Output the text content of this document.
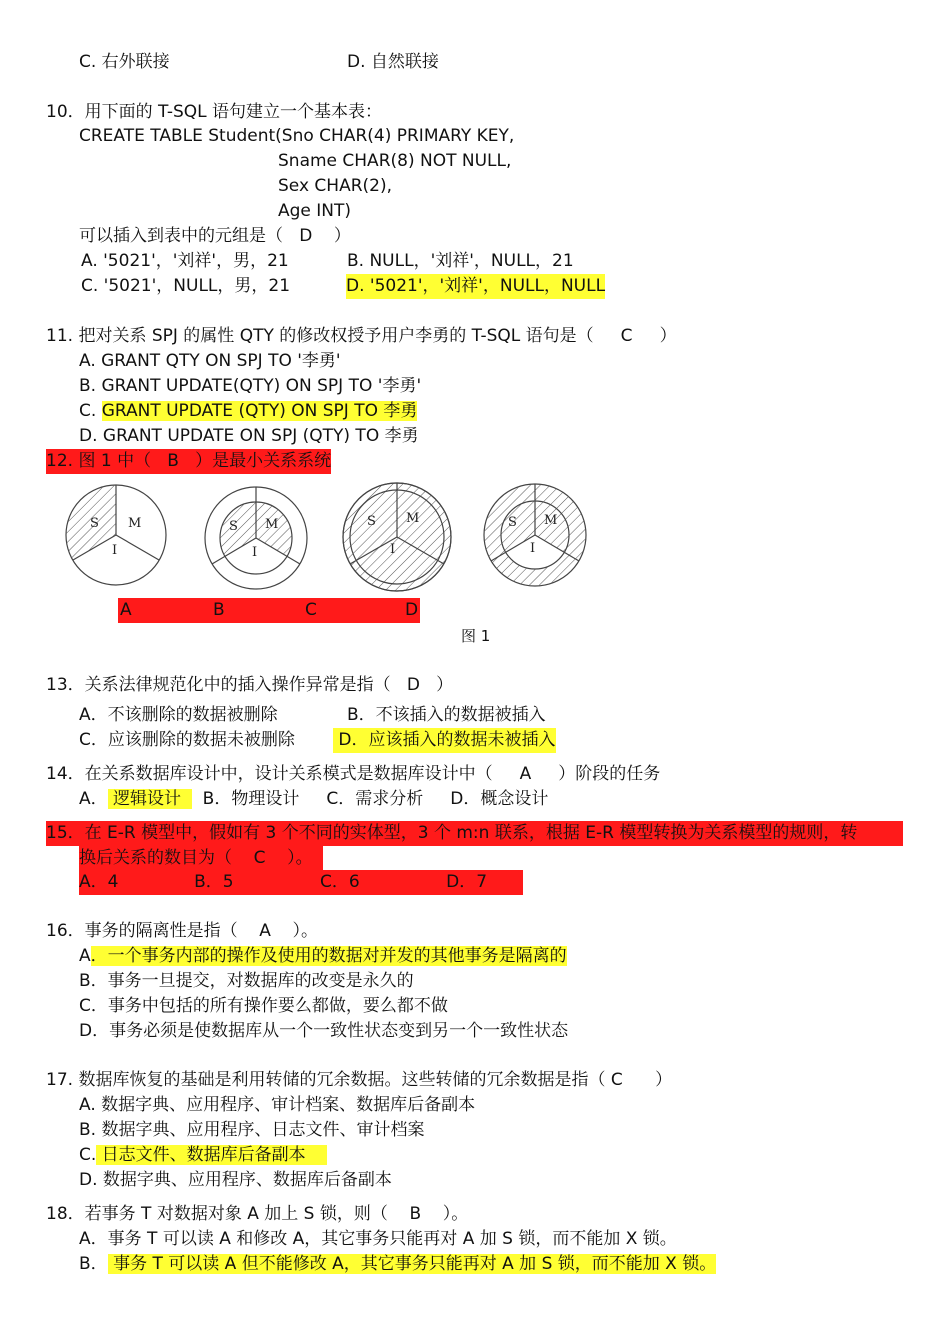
C. 右外联接	D. 自然联接
10．用下面的 T-SQL 语句建立一个基本表：
CREATE TABLE Student(Sno CHAR(4) PRIMARY KEY,
Sname CHAR(8) NOT NULL,
Sex CHAR(2),
Age INT)
可以插入到表中的元组是（   D    ）
A. '5021'，'刘祥'，男，21	B. NULL，'刘祥'，NULL，21
C. '5021'，NULL，男，21	D. '5021'，'刘祥'，NULL，NULL
11. 把对关系 SPJ 的属性 QTY 的修改权授予用户李勇的 T-SQL 语句是（     C     ）
A. GRANT QTY ON SPJ TO '李勇'
B. GRANT UPDATE(QTY) ON SPJ TO '李勇'
C. GRANT UPDATE (QTY) ON SPJ TO 李勇
D. GRANT UPDATE ON SPJ (QTY) TO 李勇
12. 图 1 中（   B   ）是最小关系系统
S M
I
S M
I
S M
I
S M
I
A	B	C	D
图 1
13．关系法律规范化中的插入操作异常是指（   D   ）
A．不该删除的数据被删除	B．不该插入的数据被插入
C．应该删除的数据未被删除 D．应该插入的数据未被插入
14．在关系数据库设计中，设计关系模式是数据库设计中（     A     ）阶段的任务
A． 逻辑设计    B．物理设计     C．需求分析     D．概念设计
15．在 E-R 模型中，假如有 3 个不同的实体型，3 个 m:n 联系，根据 E-R 模型转换为关系模型的规则，转
换后关系的数目为（    C    ）。
A．4              B．5                C．6                D．7
16．事务的隔离性是指（    A    ）。
A．一个事务内部的操作及使用的数据对并发的其他事务是隔离的
B．事务一旦提交，对数据库的改变是永久的
C．事务中包括的所有操作要么都做，要么都不做
D．事务必须是使数据库从一个一致性状态变到另一个一致性状态
17. 数据库恢复的基础是利用转储的冗余数据。这些转储的冗余数据是指（ C      ）
A. 数据字典、应用程序、审计档案、数据库后备副本
B. 数据字典、应用程序、日志文件、审计档案
C. 日志文件、数据库后备副本
D. 数据字典、应用程序、数据库后备副本
18．若事务 T 对数据对象 A 加上 S 锁，则（    B    ）。
A．事务 T 可以读 A 和修改 A，其它事务只能再对 A 加 S 锁，而不能加 X 锁。
B． 事务 T 可以读 A 但不能修改 A，其它事务只能再对 A 加 S 锁，而不能加 X 锁。
